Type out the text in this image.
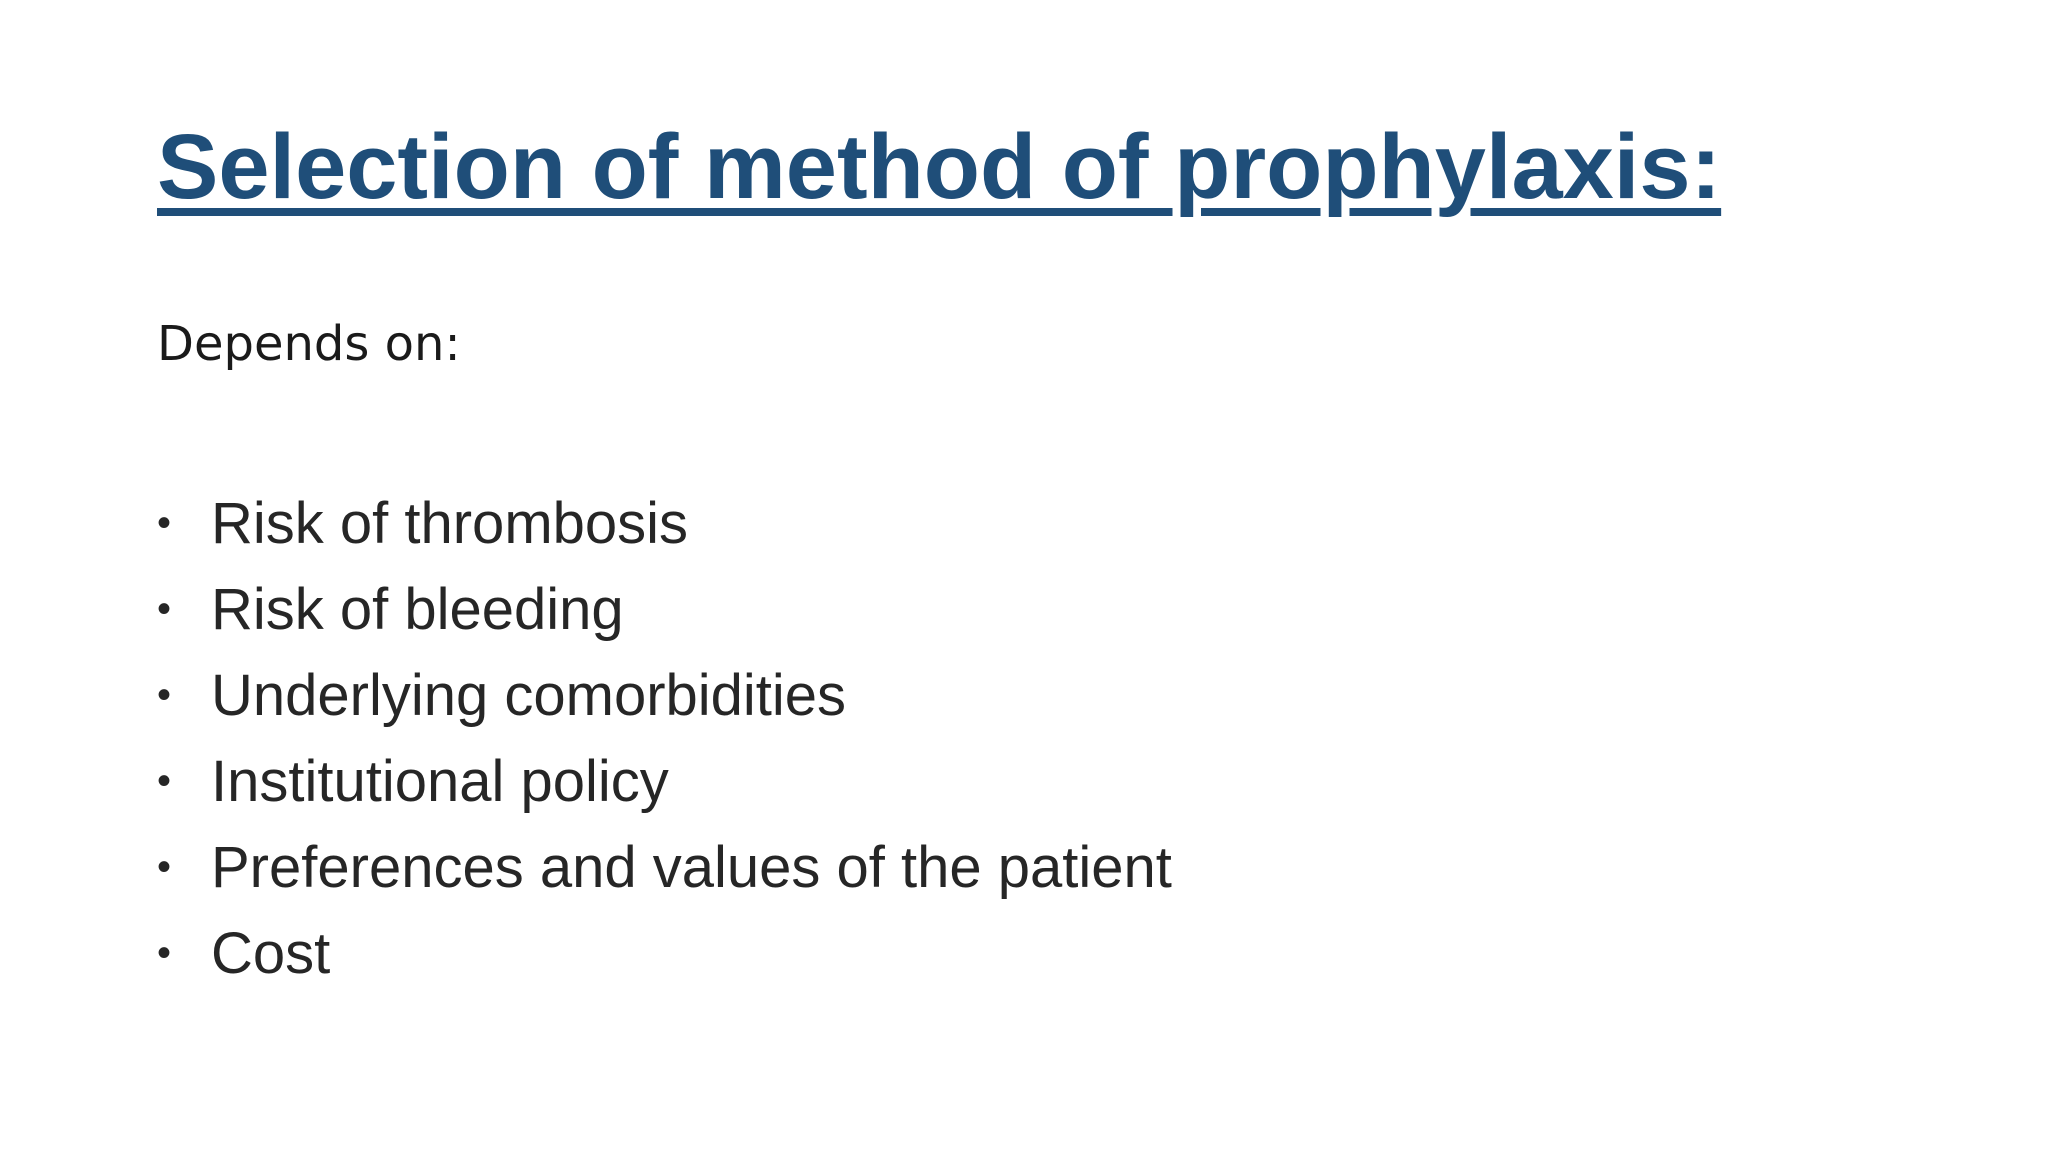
Selection of method of prophylaxis:

Depends on:

• Risk of thrombosis
• Risk of bleeding
• Underlying comorbidities
• Institutional policy
• Preferences and values of the patient
• Cost
